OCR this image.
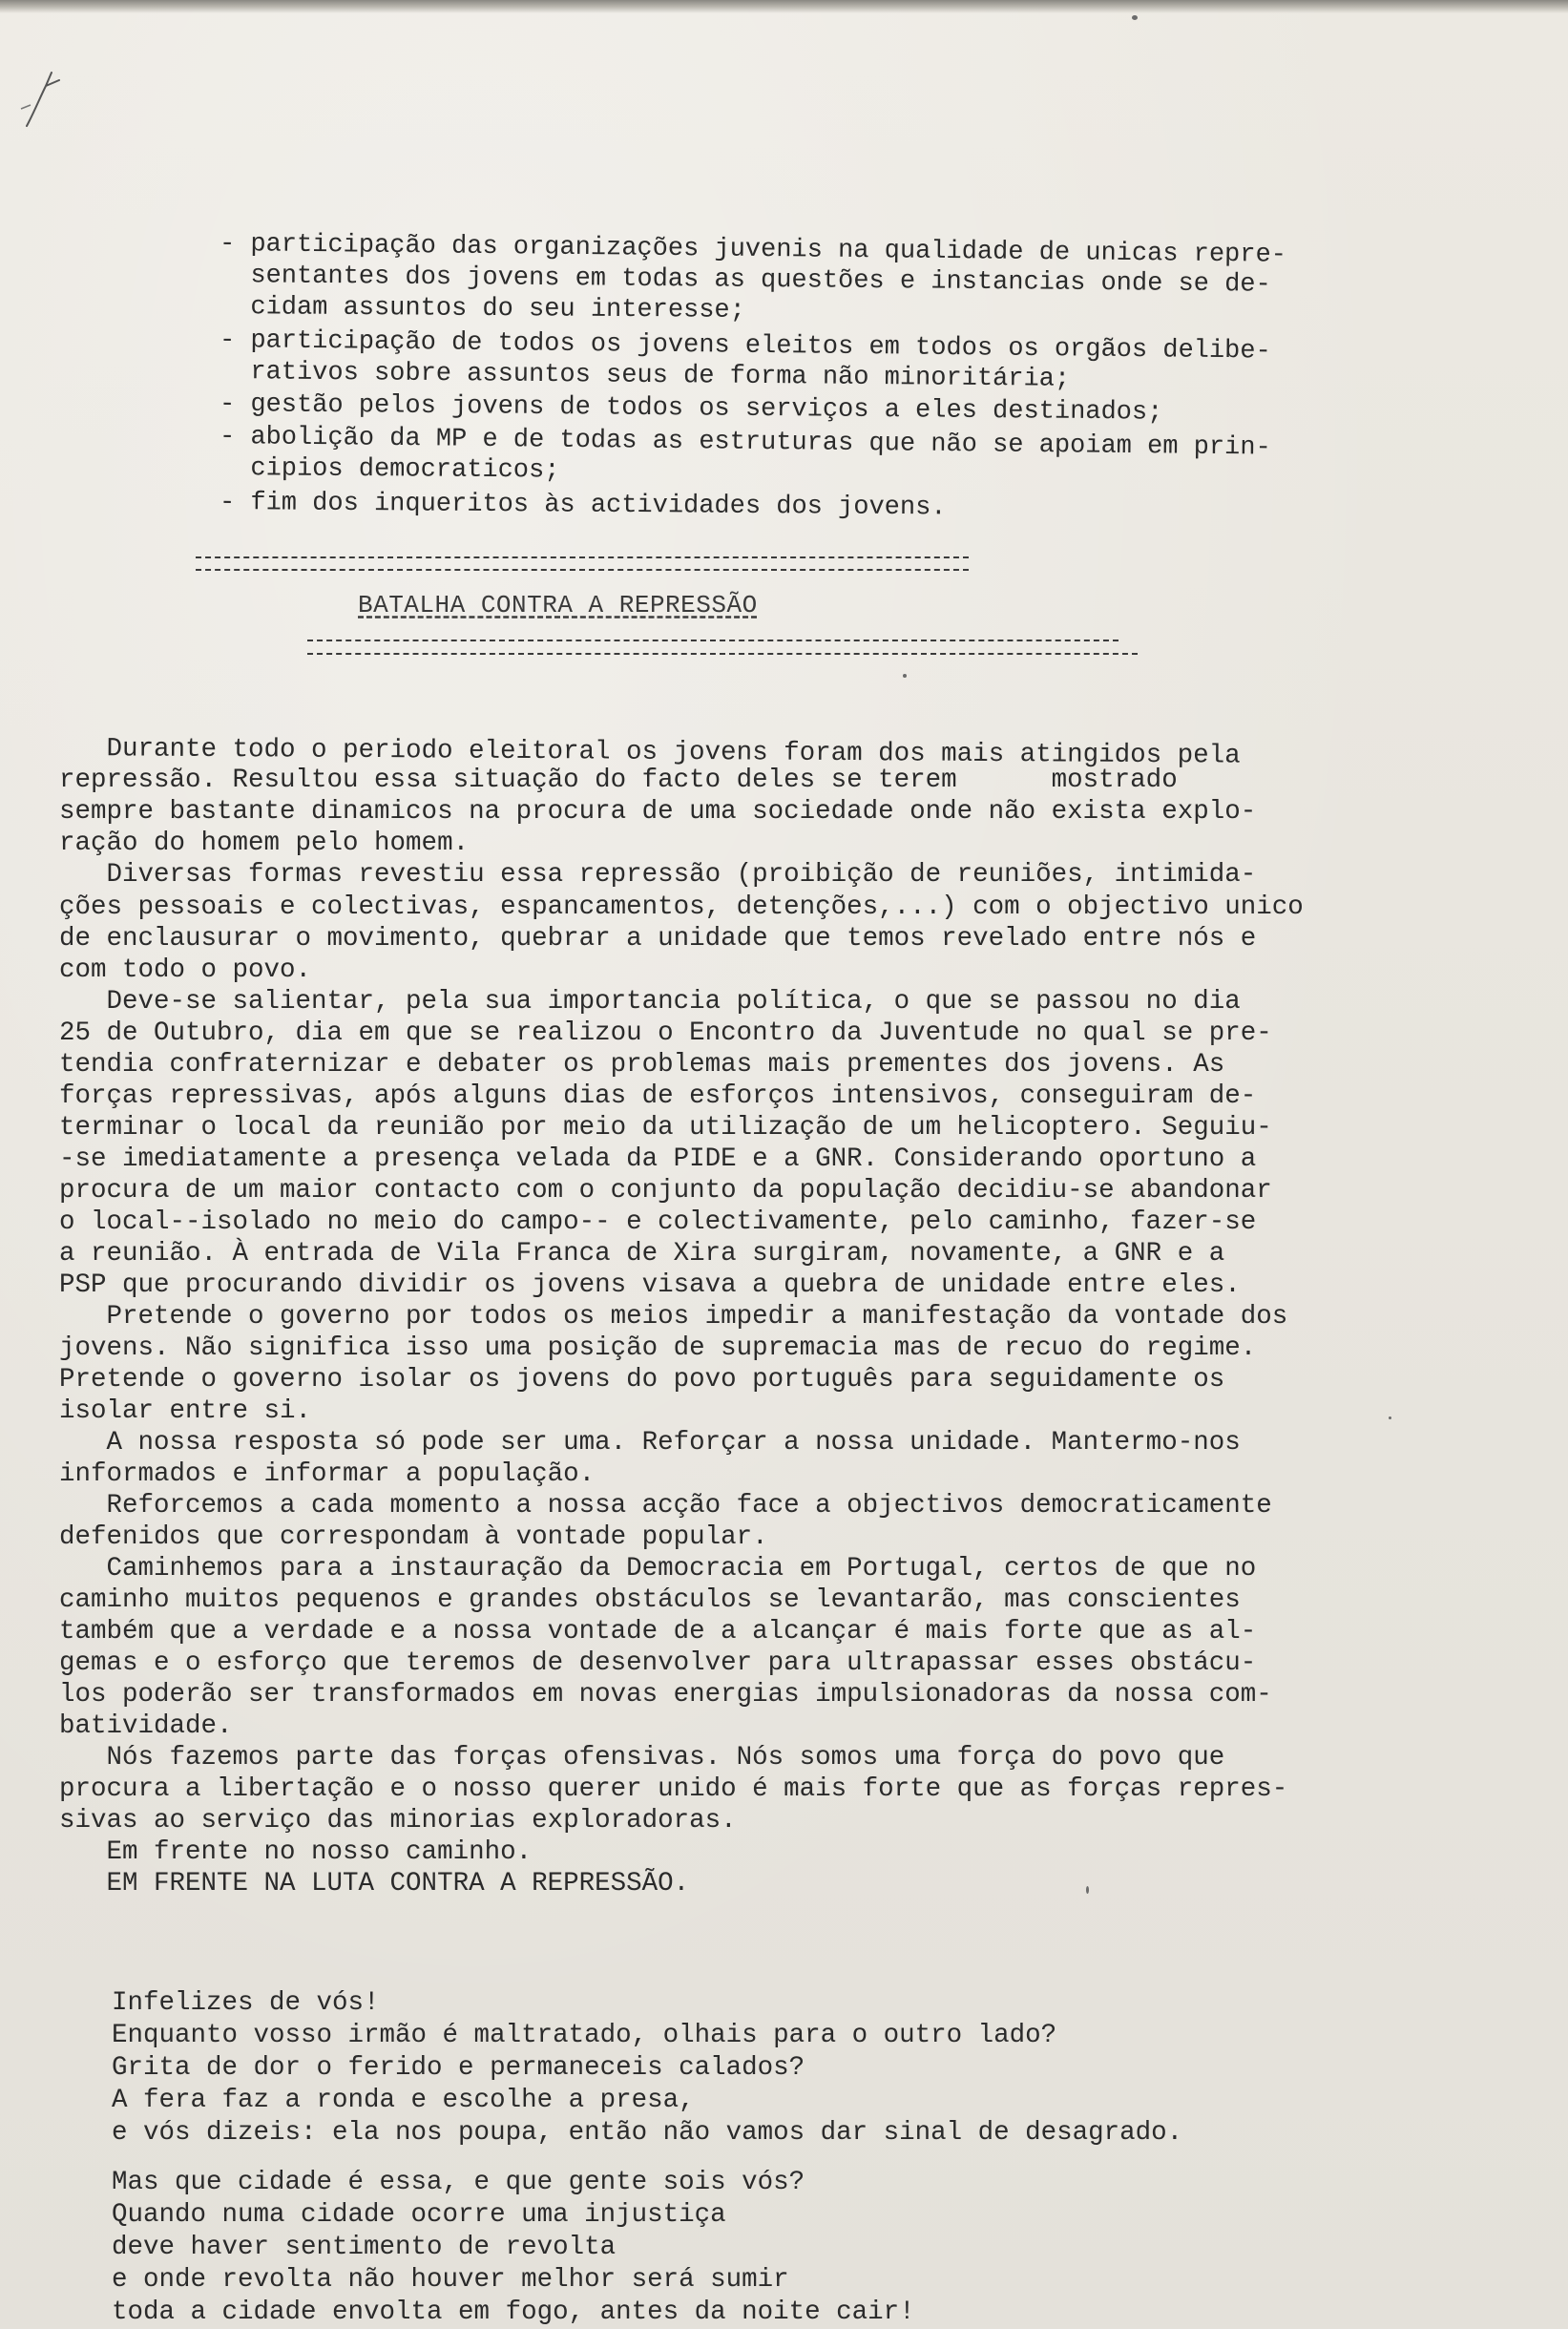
- participação das organizações juvenis na qualidade de unicas repre-
sentantes dos jovens em todas as questões e instancias onde se de-
cidam assuntos do seu interesse;
- participação de todos os jovens eleitos em todos os orgãos delibe-
rativos sobre assuntos seus de forma não minoritária;
- gestão pelos jovens de todos os serviços a eles destinados;
- abolição da MP e de todas as estruturas que não se apoiam em prin-
cipios democraticos;
- fim dos inqueritos às actividades dos jovens.
BATALHA CONTRA A REPRESSÃO
Durante todo o periodo eleitoral os jovens foram dos mais atingidos pela
repressão. Resultou essa situação do facto deles se terem      mostrado
sempre bastante dinamicos na procura de uma sociedade onde não exista explo-
ração do homem pelo homem.
Diversas formas revestiu essa repressão (proibição de reuniões, intimida-
ções pessoais e colectivas, espancamentos, detenções,...) com o objectivo unico
de enclausurar o movimento, quebrar a unidade que temos revelado entre nós e
com todo o povo.
Deve-se salientar, pela sua importancia política, o que se passou no dia
25 de Outubro, dia em que se realizou o Encontro da Juventude no qual se pre-
tendia confraternizar e debater os problemas mais prementes dos jovens. As
forças repressivas, após alguns dias de esforços intensivos, conseguiram de-
terminar o local da reunião por meio da utilização de um helicoptero. Seguiu-
-se imediatamente a presença velada da PIDE e a GNR. Considerando oportuno a
procura de um maior contacto com o conjunto da população decidiu-se abandonar
o local--isolado no meio do campo-- e colectivamente, pelo caminho, fazer-se
a reunião. À entrada de Vila Franca de Xira surgiram, novamente, a GNR e a
PSP que procurando dividir os jovens visava a quebra de unidade entre eles.
Pretende o governo por todos os meios impedir a manifestação da vontade dos
jovens. Não significa isso uma posição de supremacia mas de recuo do regime.
Pretende o governo isolar os jovens do povo português para seguidamente os
isolar entre si.
A nossa resposta só pode ser uma. Reforçar a nossa unidade. Mantermo-nos
informados e informar a população.
Reforcemos a cada momento a nossa acção face a objectivos democraticamente
defenidos que correspondam à vontade popular.
Caminhemos para a instauração da Democracia em Portugal, certos de que no
caminho muitos pequenos e grandes obstáculos se levantarão, mas conscientes
também que a verdade e a nossa vontade de a alcançar é mais forte que as al-
gemas e o esforço que teremos de desenvolver para ultrapassar esses obstácu-
los poderão ser transformados em novas energias impulsionadoras da nossa com-
batividade.
Nós fazemos parte das forças ofensivas. Nós somos uma força do povo que
procura a libertação e o nosso querer unido é mais forte que as forças repres-
sivas ao serviço das minorias exploradoras.
Em frente no nosso caminho.
EM FRENTE NA LUTA CONTRA A REPRESSÃO.
Infelizes de vós!
Enquanto vosso irmão é maltratado, olhais para o outro lado?
Grita de dor o ferido e permaneceis calados?
A fera faz a ronda e escolhe a presa,
e vós dizeis: ela nos poupa, então não vamos dar sinal de desagrado.
Mas que cidade é essa, e que gente sois vós?
Quando numa cidade ocorre uma injustiça
deve haver sentimento de revolta
e onde revolta não houver melhor será sumir
toda a cidade envolta em fogo, antes da noite cair!
